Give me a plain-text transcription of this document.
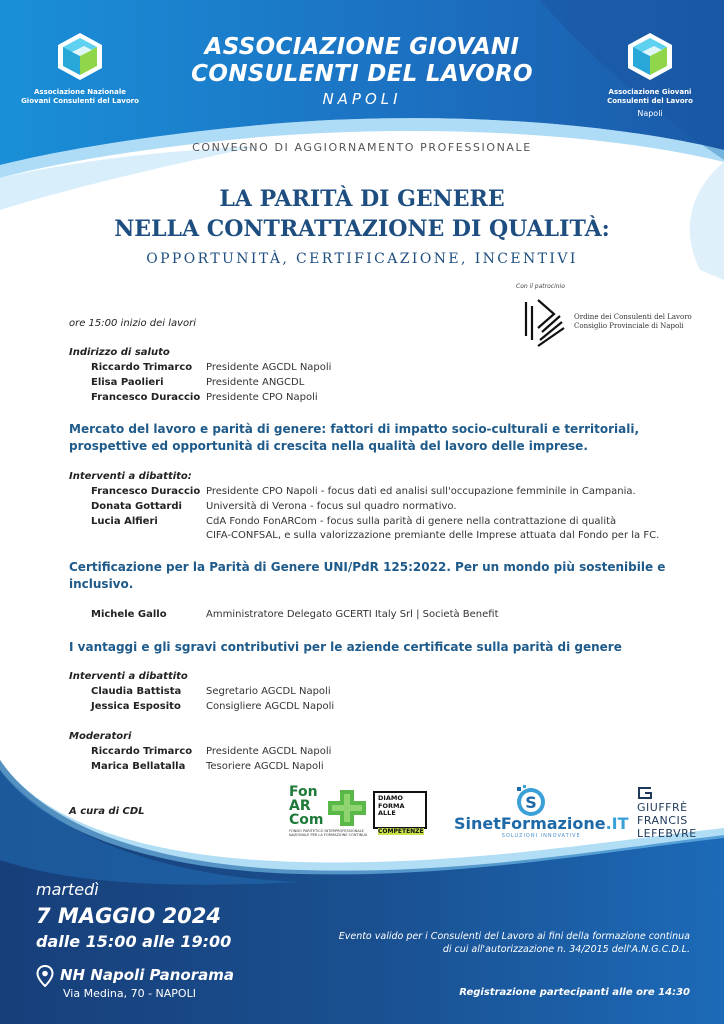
Associazione Nazionale
Giovani Consulenti del Lavoro
Associazione Giovani
Consulenti del Lavoro
Napoli
ASSOCIAZIONE GIOVANI
CONSULENTI DEL LAVORO
NAPOLI
CONVEGNO DI AGGIORNAMENTO PROFESSIONALE
LA PARITÀ DI GENERE
NELLA CONTRATTAZIONE DI QUALITÀ:
OPPORTUNITÀ, CERTIFICAZIONE, INCENTIVI
Con il patrocinio
Ordine dei Consulenti del Lavoro
Consiglio Provinciale di Napoli
ore 15:00 inizio dei lavori
Indirizzo di saluto
Riccardo Trimarco Presidente AGCDL Napoli
Elisa Paolieri	Presidente ANGCDL
Francesco Duraccio Presidente CPO Napoli
Mercato del lavoro e parità di genere: fattori di impatto socio-culturali e territoriali, prospettive ed opportunità di crescita nella qualità del lavoro delle imprese.
Interventi a dibattito:
Francesco Duraccio Presidente CPO Napoli - focus dati ed analisi sull'occupazione femminile in Campania.
Donata Gottardi Università di Verona - focus sul quadro normativo.
Lucia Alfieri	CdA Fondo FonARCom - focus sulla parità di genere nella contrattazione di qualità
CIFA-CONFSAL, e sulla valorizzazione premiante delle Imprese attuata dal Fondo per la FC.
Certificazione per la Parità di Genere UNI/PdR 125:2022. Per un mondo più sostenibile e inclusivo.
Michele Gallo	Amministratore Delegato GCERTI Italy Srl | Società Benefit
I vantaggi e gli sgravi contributivi per le aziende certificate sulla parità di genere
Interventi a dibattito
Claudia Battista Segretario AGCDL Napoli
Jessica Esposito	Consigliere AGCDL Napoli
Moderatori
Riccardo Trimarco Presidente AGCDL Napoli
Marica Bellatalla Tesoriere AGCDL Napoli
A cura di CDL
Fon
AR
Com
FONDO PARITETICO INTERPROFESSIONALE NAZIONALE PER LA FORMAZIONE CONTINUA
DIAMO
FORMA
ALLE
COMPETENZE
S
SinetFormazione.IT
SOLUZIONI INNOVATIVE
GIUFFRÈ
FRANCIS
LEFEBVRE
martedì
7 MAGGIO 2024
dalle 15:00 alle 19:00
NH Napoli Panorama
Via Medina, 70 - NAPOLI
Evento valido per i Consulenti del Lavoro ai fini della formazione continua
di cui all'autorizzazione n. 34/2015 dell'A.N.G.C.D.L.
Registrazione partecipanti alle ore 14:30
